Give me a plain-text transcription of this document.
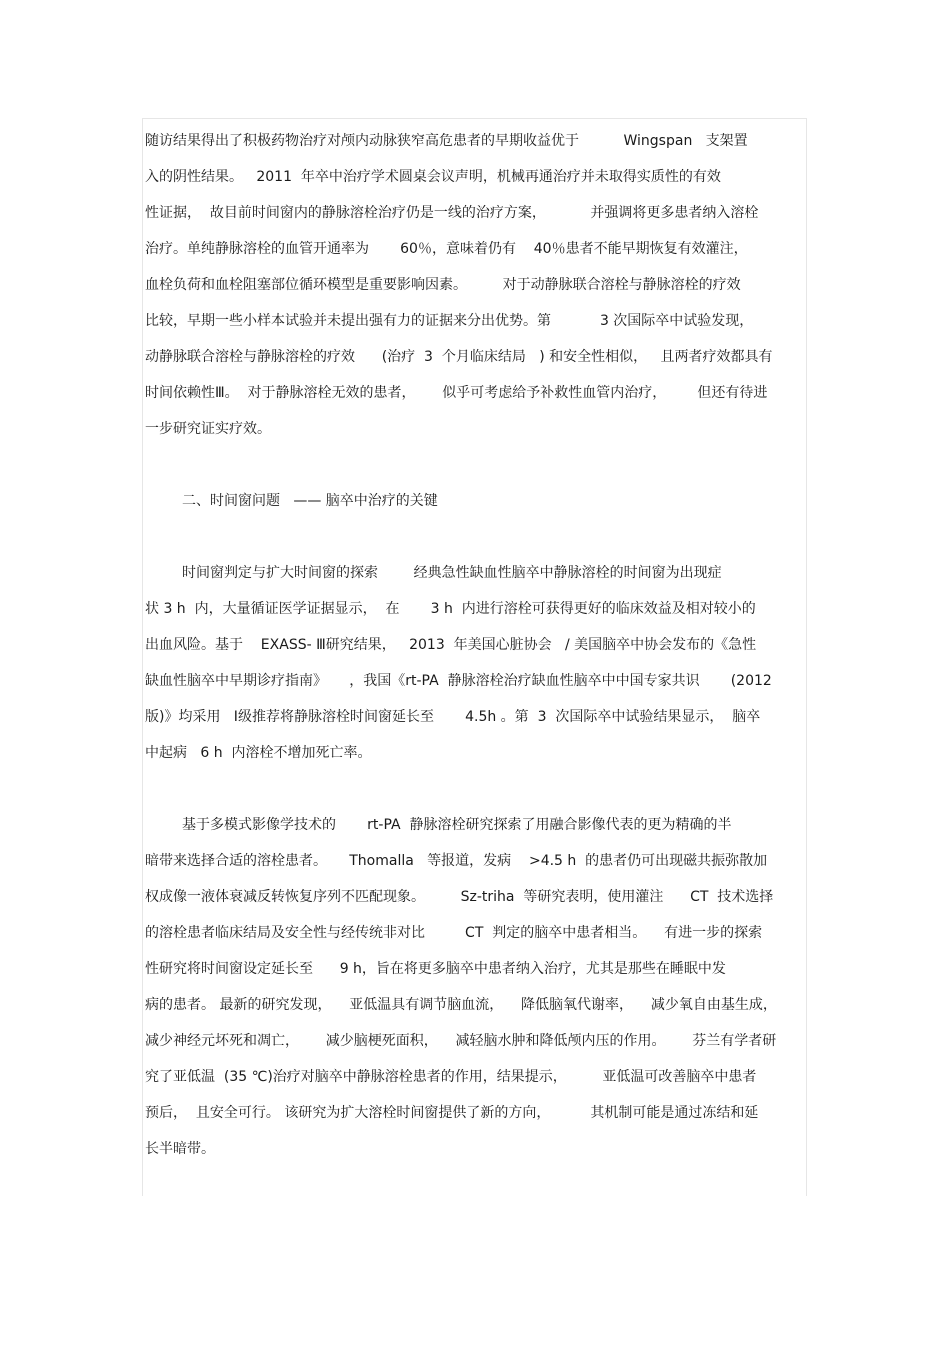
随访结果得出了积极药物治疗对颅内动脉狭窄高危患者的早期收益优于          Wingspan   支架置
入的阴性结果。   2011  年卒中治疗学术圆桌会议声明，机械再通治疗并未取得实质性的有效
性证据，  故目前时间窗内的静脉溶栓治疗仍是一线的治疗方案，          并强调将更多患者纳入溶栓
治疗。单纯静脉溶栓的血管开通率为       60％，意味着仍有    40％患者不能早期恢复有效灌注，
血栓负荷和血栓阻塞部位循环模型是重要影响因素。        对于动静脉联合溶栓与静脉溶栓的疗效
比较，早期一些小样本试验并未提出强有力的证据来分出优势。第           3 次国际卒中试验发现，
动静脉联合溶栓与静脉溶栓的疗效      (治疗  3  个月临床结局   ) 和安全性相似，   且两者疗效都具有
时间依赖性Ⅲ。  对于静脉溶栓无效的患者，      似乎可考虑给予补救性血管内治疗，       但还有待进
一步研究证实疗效。
二、时间窗问题   —— 脑卒中治疗的关键
时间窗判定与扩大时间窗的探索        经典急性缺血性脑卒中静脉溶栓的时间窗为出现症
状 3 h  内，大量循证医学证据显示，  在       3 h  内进行溶栓可获得更好的临床效益及相对较小的
出血风险。基于    EXASS- Ⅲ研究结果，   2013  年美国心脏协会   / 美国脑卒中协会发布的《急性
缺血性脑卒中早期诊疗指南》     ，我国《rt-PA  静脉溶栓治疗缺血性脑卒中中国专家共识       (2012
版)》均采用   Ⅰ级推荐将静脉溶栓时间窗延长至       4.5h 。第  3  次国际卒中试验结果显示，  脑卒
中起病   6 h  内溶栓不增加死亡率。
基于多模式影像学技术的       rt-PA  静脉溶栓研究探索了用融合影像代表的更为精确的半
暗带来选择合适的溶栓患者。     Thomalla   等报道，发病    >4.5 h  的患者仍可出现磁共振弥散加
权成像一液体衰减反转恢复序列不匹配现象。        Sz-triha  等研究表明，使用灌注      CT  技术选择
的溶栓患者临床结局及安全性与经传统非对比         CT  判定的脑卒中患者相当。    有进一步的探索
性研究将时间窗设定延长至      9 h，旨在将更多脑卒中患者纳入治疗，尤其是那些在睡眠中发
病的患者。 最新的研究发现，    亚低温具有调节脑血流，    降低脑氧代谢率，    减少氧自由基生成，
减少神经元坏死和凋亡，      减少脑梗死面积，    减轻脑水肿和降低颅内压的作用。      芬兰有学者研
究了亚低温  (35 ℃)治疗对脑卒中静脉溶栓患者的作用，结果提示，        亚低温可改善脑卒中患者
预后，  且安全可行。 该研究为扩大溶栓时间窗提供了新的方向，         其机制可能是通过冻结和延
长半暗带。
